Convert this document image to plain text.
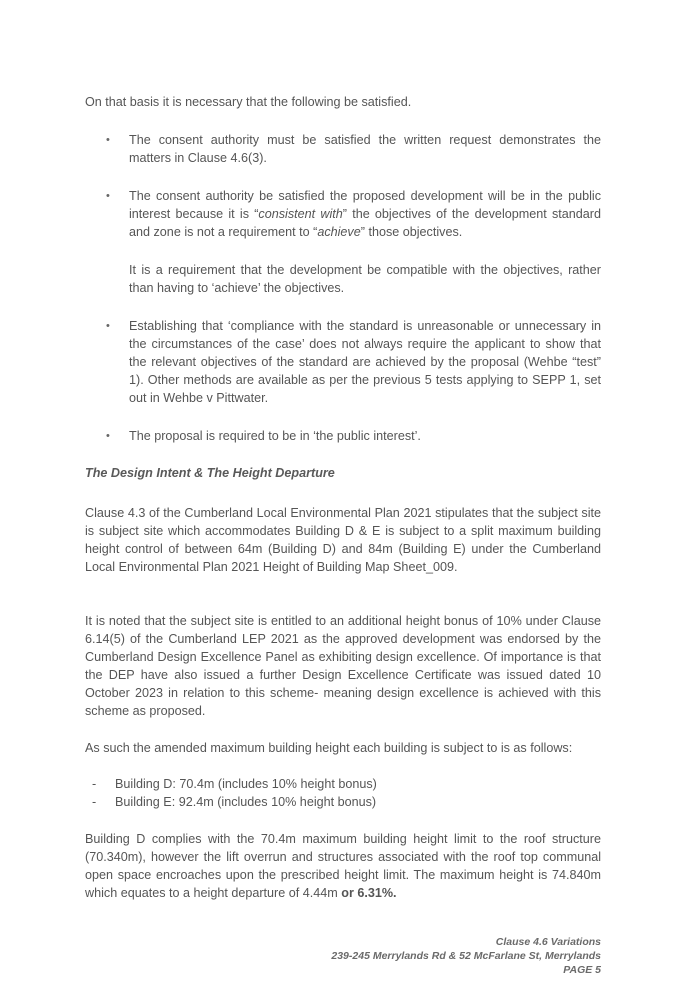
On that basis it is necessary that the following be satisfied.

• The consent authority must be satisfied the written request demonstrates the matters in Clause 4.6(3).

• The consent authority be satisfied the proposed development will be in the public interest because it is “consistent with” the objectives of the development standard and zone is not a requirement to “achieve” those objectives.

It is a requirement that the development be compatible with the objectives, rather than having to ‘achieve’ the objectives.

• Establishing that ‘compliance with the standard is unreasonable or unnecessary in the circumstances of the case’ does not always require the applicant to show that the relevant objectives of the standard are achieved by the proposal (Wehbe “test” 1). Other methods are available as per the previous 5 tests applying to SEPP 1, set out in Wehbe v Pittwater.

• The proposal is required to be in ‘the public interest’.

The Design Intent & The Height Departure

Clause 4.3 of the Cumberland Local Environmental Plan 2021 stipulates that the subject site is subject site which accommodates Building D & E is subject to a split maximum building height control of between 64m (Building D) and 84m (Building E) under the Cumberland Local Environmental Plan 2021 Height of Building Map Sheet_009.

It is noted that the subject site is entitled to an additional height bonus of 10% under Clause 6.14(5) of the Cumberland LEP 2021 as the approved development was endorsed by the Cumberland Design Excellence Panel as exhibiting design excellence. Of importance is that the DEP have also issued a further Design Excellence Certificate was issued dated 10 October 2023 in relation to this scheme- meaning design excellence is achieved with this scheme as proposed.

As such the amended maximum building height each building is subject to is as follows:

- Building D: 70.4m (includes 10% height bonus)
- Building E: 92.4m (includes 10% height bonus)

Building D complies with the 70.4m maximum building height limit to the roof structure (70.340m), however the lift overrun and structures associated with the roof top communal open space encroaches upon the prescribed height limit. The maximum height is 74.840m which equates to a height departure of 4.44m or 6.31%.

Clause 4.6 Variations
239-245 Merrylands Rd & 52 McFarlane St, Merrylands
PAGE 5
